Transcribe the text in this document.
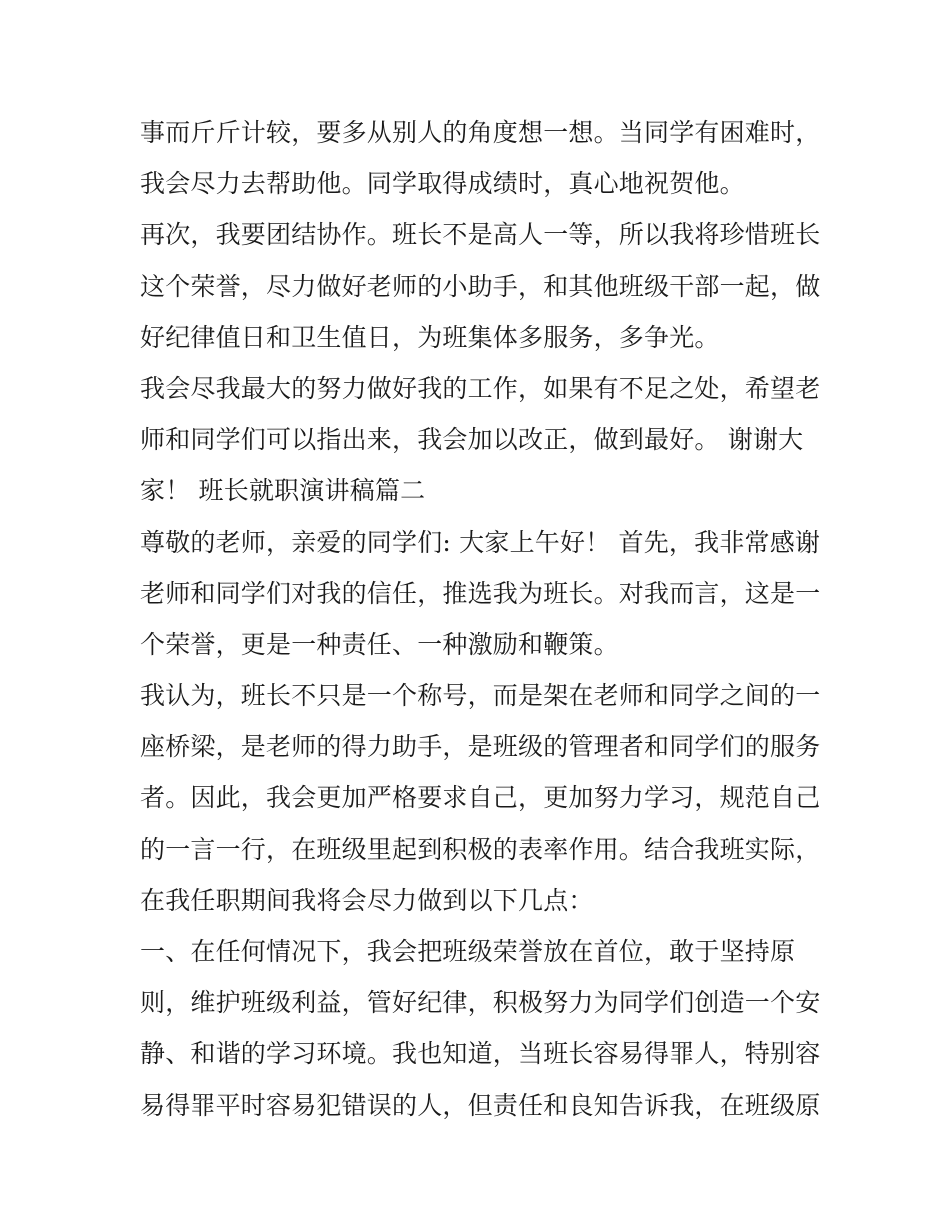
事而斤斤计较，要多从别人的角度想一想。当同学有困难时，
我会尽力去帮助他。同学取得成绩时，真心地祝贺他。
再次，我要团结协作。班长不是高人一等，所以我将珍惜班长
这个荣誉，尽力做好老师的小助手，和其他班级干部一起，做
好纪律值日和卫生值日，为班集体多服务，多争光。
我会尽我最大的努力做好我的工作，如果有不足之处，希望老
师和同学们可以指出来，我会加以改正，做到最好。 谢谢大
家！ 班长就职演讲稿篇二
尊敬的老师，亲爱的同学们: 大家上午好！ 首先，我非常感谢
老师和同学们对我的信任，推选我为班长。对我而言，这是一
个荣誉，更是一种责任、一种激励和鞭策。
我认为，班长不只是一个称号，而是架在老师和同学之间的一
座桥梁，是老师的得力助手，是班级的管理者和同学们的服务
者。因此，我会更加严格要求自己，更加努力学习，规范自己
的一言一行，在班级里起到积极的表率作用。结合我班实际，
在我任职期间我将会尽力做到以下几点：
一、在任何情况下，我会把班级荣誉放在首位，敢于坚持原
则，维护班级利益，管好纪律，积极努力为同学们创造一个安
静、和谐的学习环境。我也知道，当班长容易得罪人，特别容
易得罪平时容易犯错误的人，但责任和良知告诉我，在班级原
